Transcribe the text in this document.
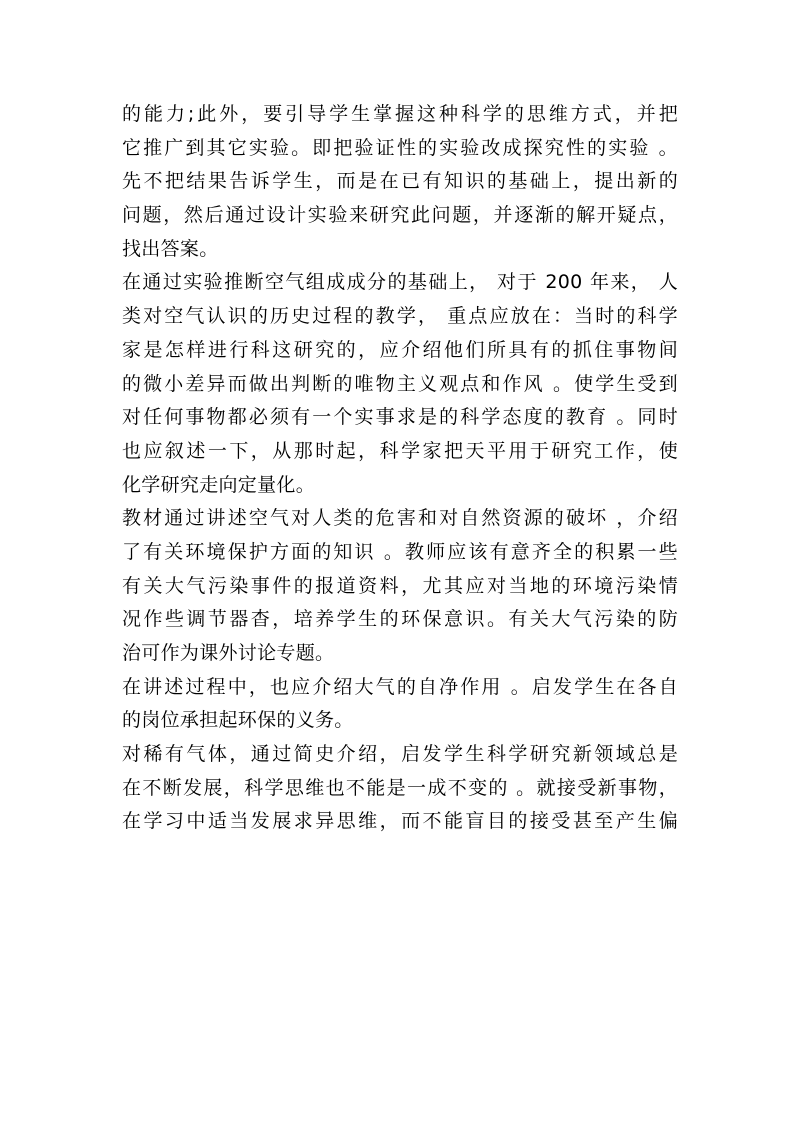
的能力;此外，要引导学生掌握这种科学的思维方式，并把
它推广到其它实验。即把验证性的实验改成探究性的实验 。
先不把结果告诉学生，而是在已有知识的基础上，提出新的
问题，然后通过设计实验来研究此问题，并逐渐的解开疑点，
找出答案。
在通过实验推断空气组成成分的基础上， 对于 200 年来， 人
类对空气认识的历史过程的教学， 重点应放在：当时的科学
家是怎样进行科这研究的，应介绍他们所具有的抓住事物间
的微小差异而做出判断的唯物主义观点和作风 。使学生受到
对任何事物都必须有一个实事求是的科学态度的教育 。同时
也应叙述一下，从那时起，科学家把天平用于研究工作，使
化学研究走向定量化。
教材通过讲述空气对人类的危害和对自然资源的破坏 ，介绍
了有关环境保护方面的知识 。教师应该有意齐全的积累一些
有关大气污染事件的报道资料，尤其应对当地的环境污染情
况作些调节器杳，培养学生的环保意识。有关大气污染的防
治可作为课外讨论专题。
在讲述过程中，也应介绍大气的自净作用 。启发学生在各自
的岗位承担起环保的义务。
对稀有气体，通过简史介绍，启发学生科学研究新领域总是
在不断发展，科学思维也不能是一成不变的 。就接受新事物，
在学习中适当发展求异思维，而不能盲目的接受甚至产生偏
